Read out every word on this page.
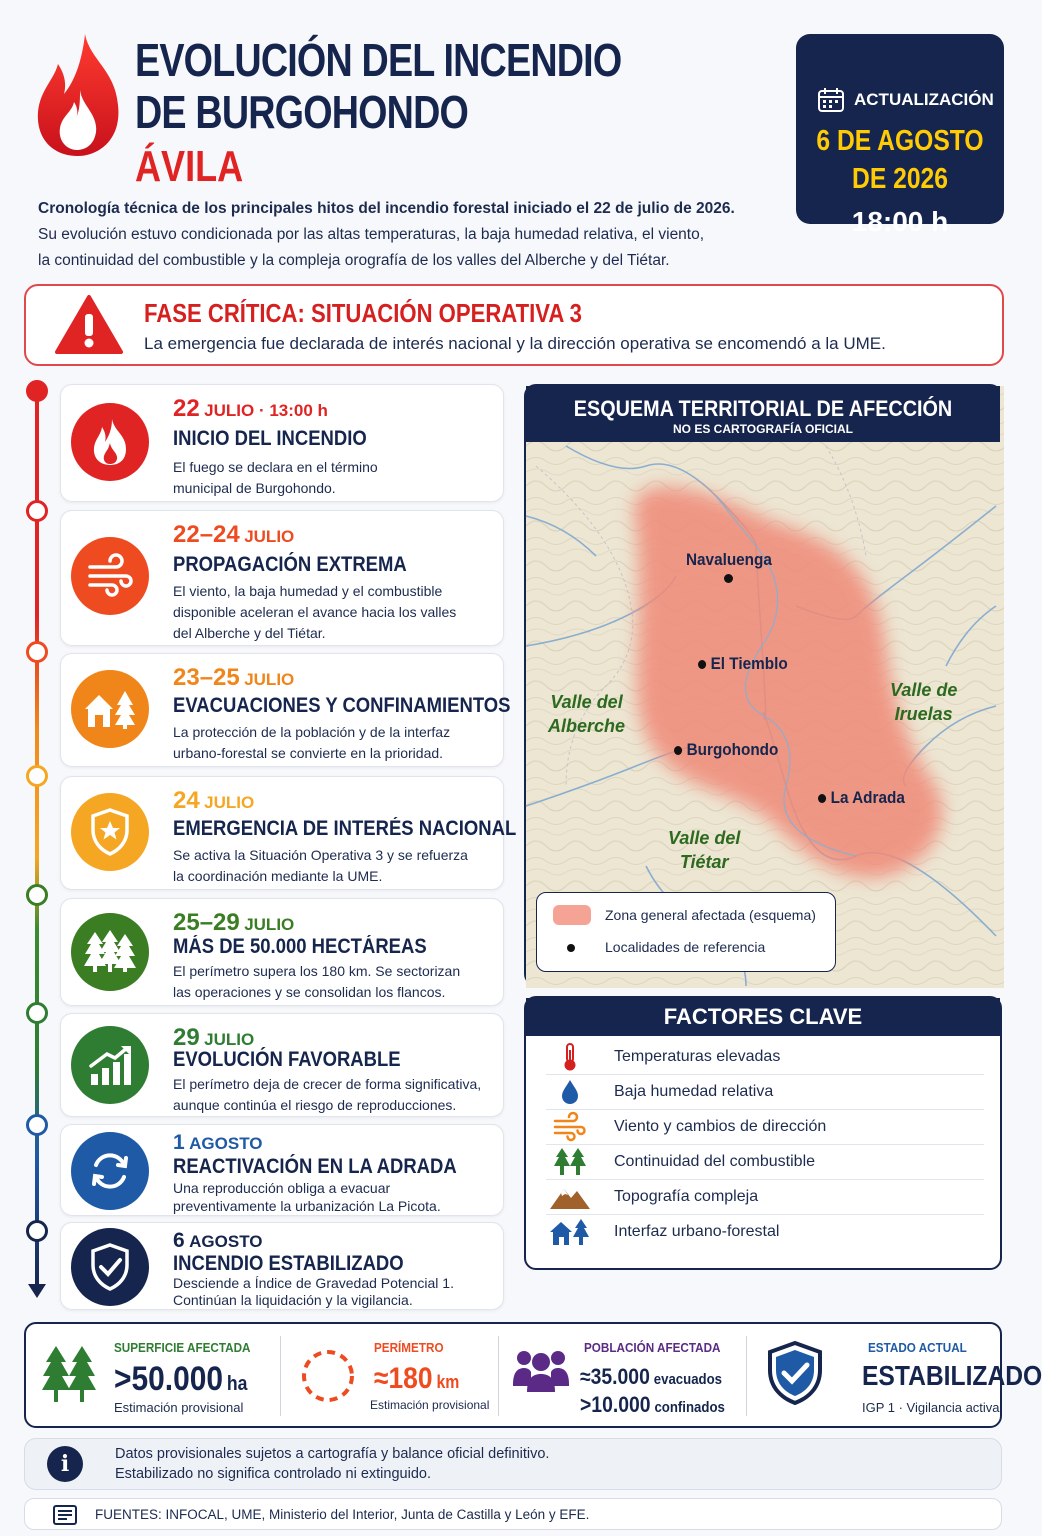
EVOLUCIÓN DEL INCENDIO
DE BURGOHONDO
ÁVILA
Cronología técnica de los principales hitos del incendio forestal iniciado el 22 de julio de 2026.
Su evolución estuvo condicionada por las altas temperaturas, la baja humedad relativa, el viento,
la continuidad del combustible y la compleja orografía de los valles del Alberche y del Tiétar.
ACTUALIZACIÓN
6 DE AGOSTO
DE 2026
18:00 h
FASE CRÍTICA: SITUACIÓN OPERATIVA 3
La emergencia fue declarada de interés nacional y la dirección operativa se encomendó a la UME.
22 JULIO · 13:00 h
INICIO DEL INCENDIO
El fuego se declara en el término
municipal de Burgohondo.
22–24 JULIO
PROPAGACIÓN EXTREMA
El viento, la baja humedad y el combustible
disponible aceleran el avance hacia los valles
del Alberche y del Tiétar.
23–25 JULIO
EVACUACIONES Y CONFINAMIENTOS
La protección de la población y de la interfaz
urbano-forestal se convierte en la prioridad.
24 JULIO
EMERGENCIA DE INTERÉS NACIONAL
Se activa la Situación Operativa 3 y se refuerza
la coordinación mediante la UME.
25–29 JULIO
MÁS DE 50.000 HECTÁREAS
El perímetro supera los 180 km. Se sectorizan
las operaciones y se consolidan los flancos.
29 JULIO
EVOLUCIÓN FAVORABLE
El perímetro deja de crecer de forma significativa,
aunque continúa el riesgo de reproducciones.
1 AGOSTO
REACTIVACIÓN EN LA ADRADA
Una reproducción obliga a evacuar
preventivamente la urbanización La Picota.
6 AGOSTO
INCENDIO ESTABILIZADO
Desciende a Índice de Gravedad Potencial 1.
Continúan la liquidación y la vigilancia.
ESQUEMA TERRITORIAL DE AFECCIÓN
NO ES CARTOGRAFÍA OFICIAL
Navaluenga
El Tiemblo
Burgohondo
La Adrada
Valle del
Alberche
Valle de
Iruelas
Valle del
Tiétar
Zona general afectada (esquema)
Localidades de referencia
FACTORES CLAVE
Temperaturas elevadas
Baja humedad relativa
Viento y cambios de dirección
Continuidad del combustible
Topografía compleja
Interfaz urbano-forestal
SUPERFICIE AFECTADA
>50.000 ha
Estimación provisional
PERÍMETRO
≈180 km
Estimación provisional
POBLACIÓN AFECTADA
≈35.000 evacuados
>10.000 confinados
ESTADO ACTUAL
ESTABILIZADO
IGP 1 · Vigilancia activa
i	Datos provisionales sujetos a cartografía y balance oficial definitivo.
Estabilizado no significa controlado ni extinguido.
FUENTES: INFOCAL, UME, Ministerio del Interior, Junta de Castilla y León y EFE.
